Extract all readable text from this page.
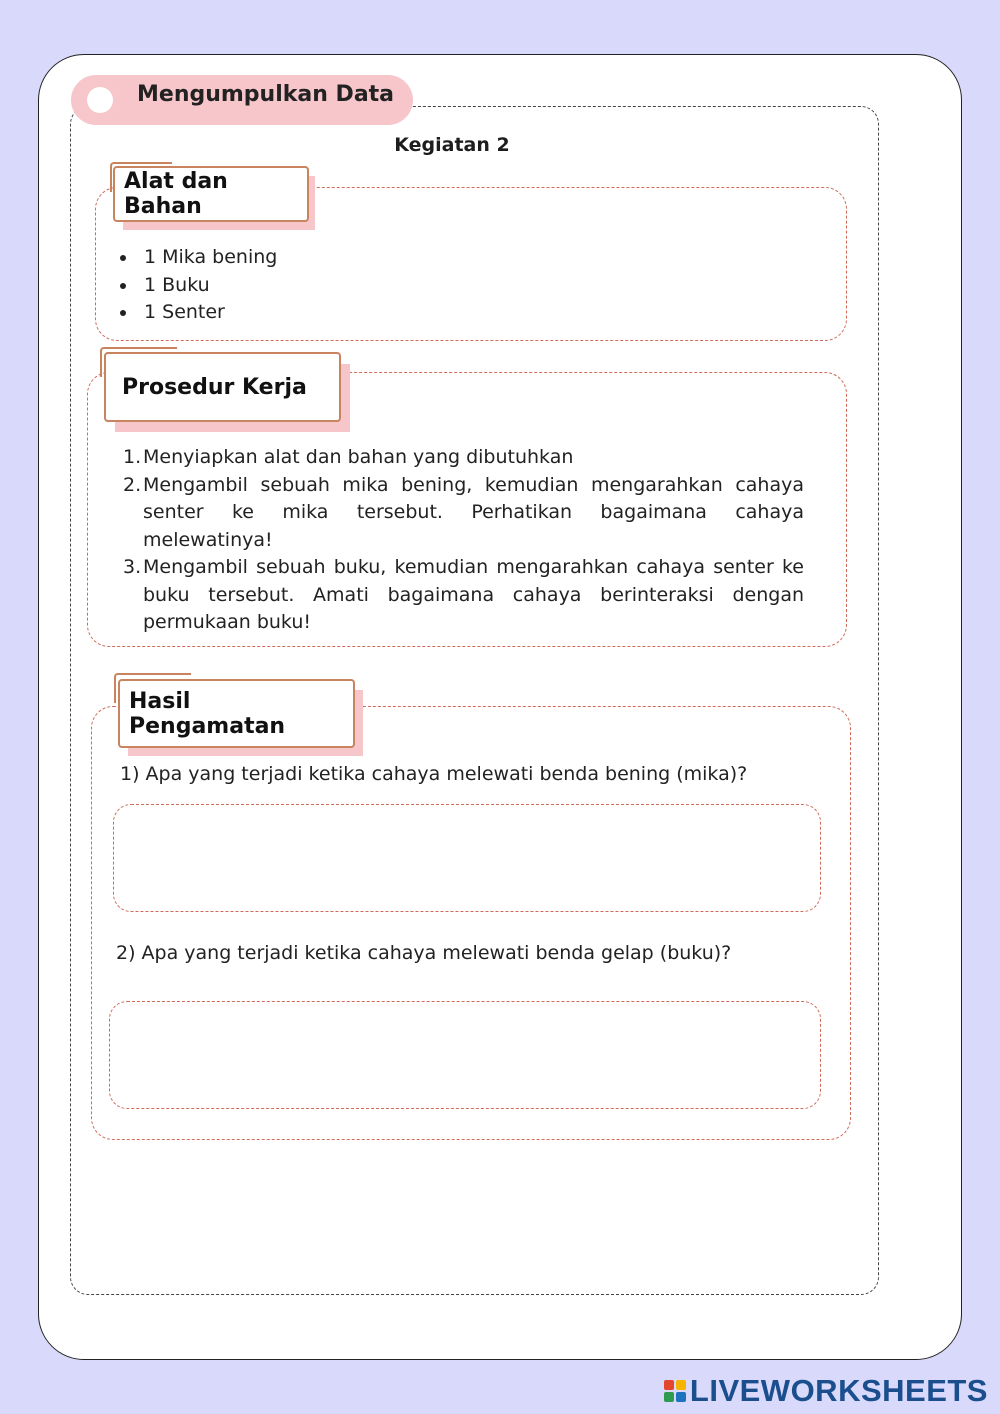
Mengumpulkan Data
Kegiatan 2
Alat dan Bahan
1 Mika bening
1 Buku
1 Senter
Prosedur Kerja
1. Menyiapkan alat dan bahan yang dibutuhkan
2. Mengambil sebuah mika bening, kemudian mengarahkan cahaya senter ke mika tersebut. Perhatikan bagaimana cahaya melewatinya!
3. Mengambil sebuah buku, kemudian mengarahkan cahaya senter ke buku tersebut. Amati bagaimana cahaya berinteraksi dengan permukaan buku!
Hasil Pengamatan
1) Apa yang terjadi ketika cahaya melewati benda bening (mika)?
2) Apa yang terjadi ketika cahaya melewati benda gelap (buku)?
LIVEWORKSHEETS
